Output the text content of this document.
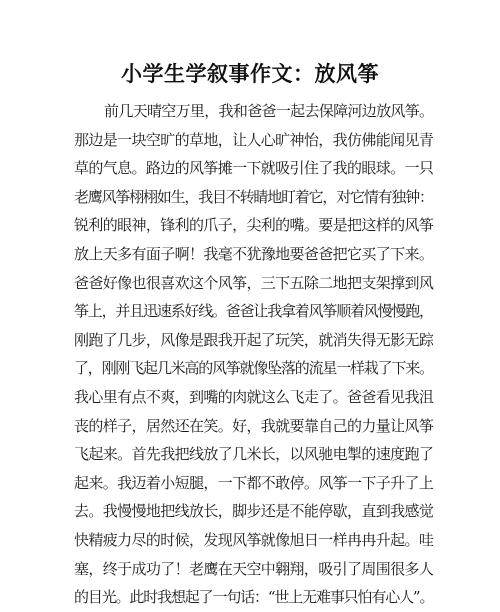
小学生学叙事作文：放风筝
前几天晴空万里，我和爸爸一起去保障河边放风筝。
那边是一块空旷的草地，让人心旷神怡，我仿佛能闻见青
草的气息。路边的风筝摊一下就吸引住了我的眼球。一只
老鹰风筝栩栩如生，我目不转睛地盯着它，对它情有独钟：
锐利的眼神，锋利的爪子，尖利的嘴。要是把这样的风筝
放上天多有面子啊！我毫不犹豫地要爸爸把它买了下来。
爸爸好像也很喜欢这个风筝，三下五除二地把支架撑到风
筝上，并且迅速系好线。爸爸让我拿着风筝顺着风慢慢跑，
刚跑了几步，风像是跟我开起了玩笑，就消失得无影无踪
了，刚刚飞起几米高的风筝就像坠落的流星一样栽了下来。
我心里有点不爽，到嘴的肉就这么飞走了。爸爸看见我沮
丧的样子，居然还在笑。好，我就要靠自己的力量让风筝
飞起来。首先我把线放了几米长，以风驰电掣的速度跑了
起来。我迈着小短腿，一下都不敢停。风筝一下子升了上
去。我慢慢地把线放长，脚步还是不能停歇，直到我感觉
快精疲力尽的时候，发现风筝就像旭日一样冉冉升起。哇
塞，终于成功了！老鹰在天空中翱翔，吸引了周围很多人
的目光。此时我想起了一句话：“世上无难事只怕有心人”。
